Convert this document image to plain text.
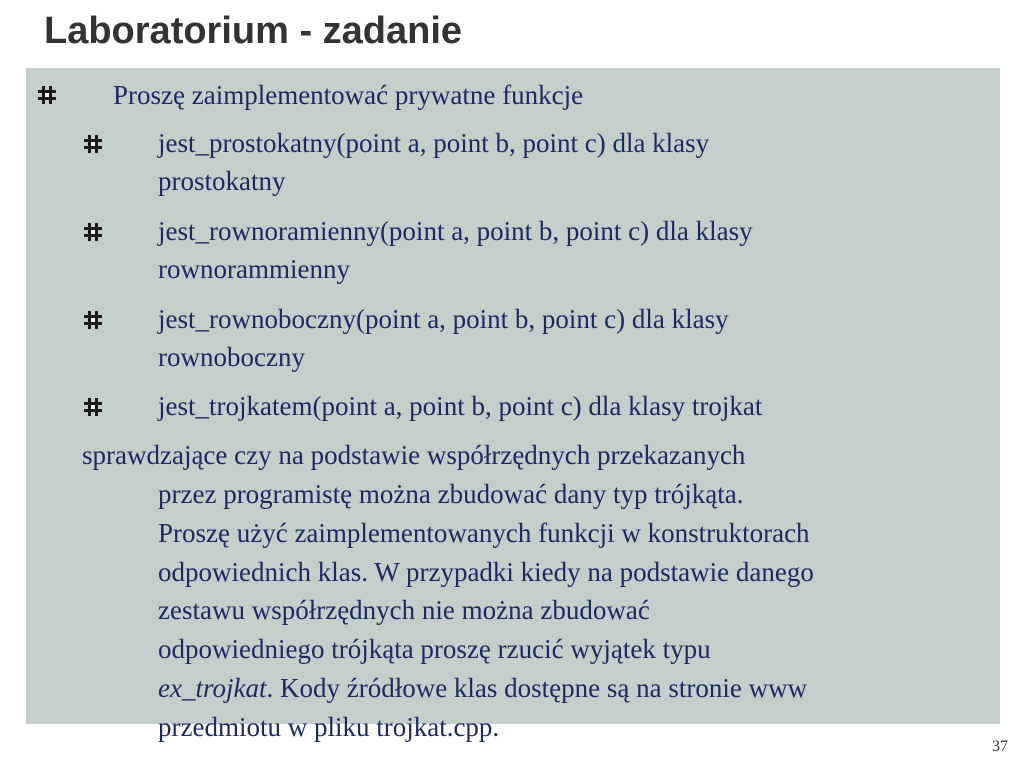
Laboratorium - zadanie
Proszę zaimplementować prywatne funkcje
jest_prostokatny(point a, point b, point c) dla klasy
prostokatny
jest_rownoramienny(point a, point b, point c) dla klasy
rownorammienny
jest_rownoboczny(point a, point b, point c) dla klasy
rownoboczny
jest_trojkatem(point a, point b, point c) dla klasy trojkat
sprawdzające czy na podstawie współrzędnych przekazanych
przez programistę można zbudować dany typ trójkąta.
Proszę użyć zaimplementowanych funkcji w konstruktorach
odpowiednich klas. W przypadki kiedy na podstawie danego
zestawu współrzędnych nie można zbudować
odpowiedniego trójkąta proszę rzucić wyjątek typu
ex_trojkat. Kody źródłowe klas dostępne są na stronie www
przedmiotu w pliku trojkat.cpp.
37
